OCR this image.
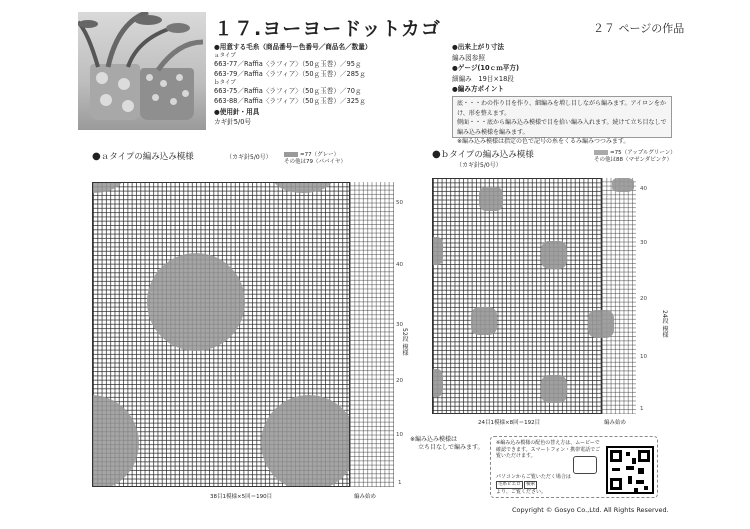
１７.ヨーヨードットカゴ	２７ ページの作品
● 用意する毛糸（商品番号ー色番号／商品名／数量）
ａタイプ
663-77／Raffia〈ラフィア〉（50ｇ玉巻）／95ｇ
663-79／Raffia〈ラフィア〉（50ｇ玉巻）／285ｇ
ｂタイプ
663-75／Raffia〈ラフィア〉（50ｇ玉巻）／70ｇ
663-88／Raffia〈ラフィア〉（50ｇ玉巻）／325ｇ
● 使用針・用具
カギ針5/0号
● 出来上がり寸法
編み図参照
● ゲージ(10ｃｍ平方)
細編み　19目×18段
● 編み方ポイント
底・・・わの作り目を作り、細編みを増し目しながら編みます。アイロンをかけ、形を整えます。
側面・・・底から編み込み模様で目を拾い編み入れます。続けて立ち目なしで編み込み模様を編みます。
※編み込み模様は指定の色で記号の糸をくるみ編みつつみます。
●ａタイプの編み込み模様	（カギ針5/0号）	=77（グレー）
その他は79（パパイヤ）
●ｂタイプの編み込み模様
（カギ針5/0号）
=75（アップルグリーン）
その他は88（マゼンダピンク）
50
40
30
20
10
1
52段 模様
38目1模様×5回＝190目	編み始め
40
30
20
10
1
24段 模様
24目1模様×8回＝192目	編み始め
※編み込み模様は
立ち目なしで編みます。
※編み込み模様の配色の替え方は、ムービーで確認できます。スマートフォン・携帯電話でご覧いただけます。
パソコンからご覧いただく場合は
毛糸ピエロ 検索
より、ご覧ください。
Copyright © Gosyo Co.,Ltd. All Rights Reserved.
